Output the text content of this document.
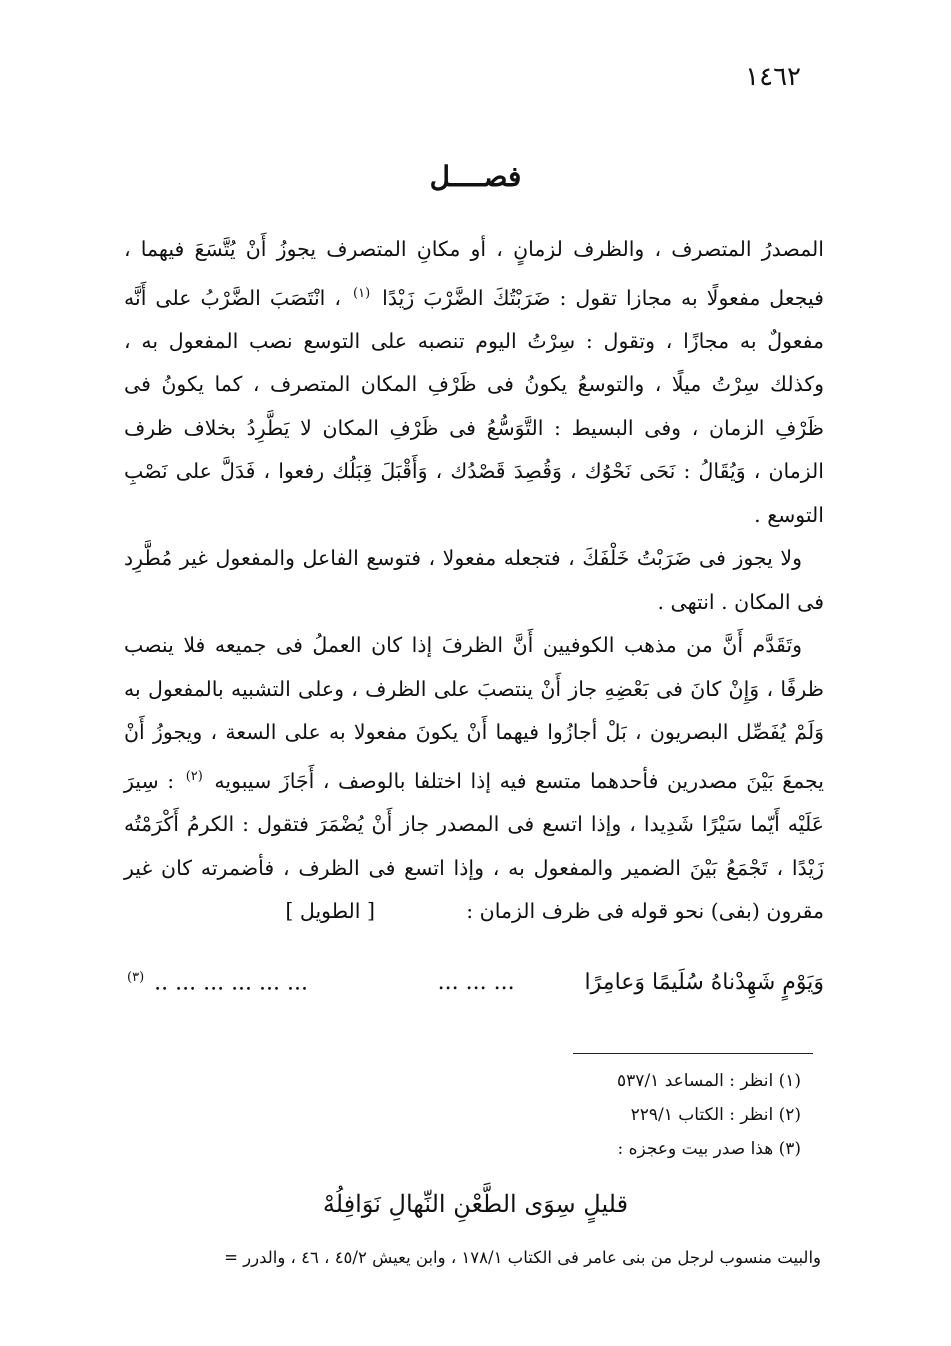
١٤٦٢
فصــــل

المصدرُ المتصرف ، والظرف لزمانٍ ، أو مكانِ المتصرف يجوزُ أَنْ يُتَّسَعَ فيهما ، فيجعل مفعولًا به مجازا تقول : ضَرَبْتُكَ الضَّرْبَ زَيْدًا $^{(١)}$ ، انْتَصَبَ الضَّرْبُ على أَنَّه مفعولٌ به مجازًا ، وتقول : سِرْتُ اليوم تنصبه على التوسع نصب المفعول به ، وكذلك سِرْتُ ميلًا ، والتوسعُ يكونُ فى ظَرْفِ المكان المتصرف ، كما يكونُ فى ظَرْفِ الزمان ، وفى البسيط : التَّوَسُّعُ فى ظَرْفِ المكان لا يَطَّرِدُ بخلاف ظرف الزمان ، وَيُقَالُ : نَحَى نَحْوُك ، وَقُصِدَ قَصْدُك ، وَأَقْبَلَ قِبَلُك رفعوا ، فَدَلَّ على نَصْبِ التوسع .

ولا يجوز فى ضَرَبْتُ خَلْفَكَ ، فتجعله مفعولا ، فتوسع الفاعل والمفعول غير مُطَّرِد فى المكان . انتهى .

وتَقَدَّم أَنَّ من مذهب الكوفيين أَنَّ الظرفَ إذا كان العملُ فى جميعه فلا ينصب ظرفًا ، وَإِنْ كانَ فى بَعْضِهِ جاز أَنْ ينتصبَ على الظرف ، وعلى التشبيه بالمفعول به وَلَمْ يُفَصِّل البصريون ، بَلْ أجازُوا فيهما أَنْ يكونَ مفعولا به على السعة ، ويجوزُ أَنْ يجمعَ بَيْنَ مصدرين فأحدهما متسع فيه إذا اختلفا بالوصف ، أَجَازَ سيبويه $^{(٢)}$ : سِيرَ عَلَيْه أَيّما سَيْرًا شَدِيدا ، وإذا اتسع فى المصدر جاز أَنْ يُضْمَرَ فتقول : الكرمُ أَكْرَمْتُه زَيْدًا ، تَجْمَعُ بَيْنَ الضمير والمفعول به ، وإذا اتسع فى الظرف ، فأضمرته كان غير مقرون (بفى) نحو قوله فى ظرف الزمان :              [ الطويل ]

وَيَوْمٍ شَهِدْناهُ سُلَيمًا وَعامِرًا          ... ... ...
$^{(٣)}$ .. ... ... ... ... ...

(١) انظر : المساعد ٥٣٧/١

(٢) انظر : الكتاب ٢٢٩/١

(٣) هذا صدر بيت وعجزه :

قليلٍ سِوَى الطَّعْنِ النِّهالِ نَوَافِلُهْ
والبيت منسوب لرجل من بنى عامر فى الكتاب ١٧٨/١ ، وابن يعيش ٤٥/٢ ، ٤٦ ، والدرر =
